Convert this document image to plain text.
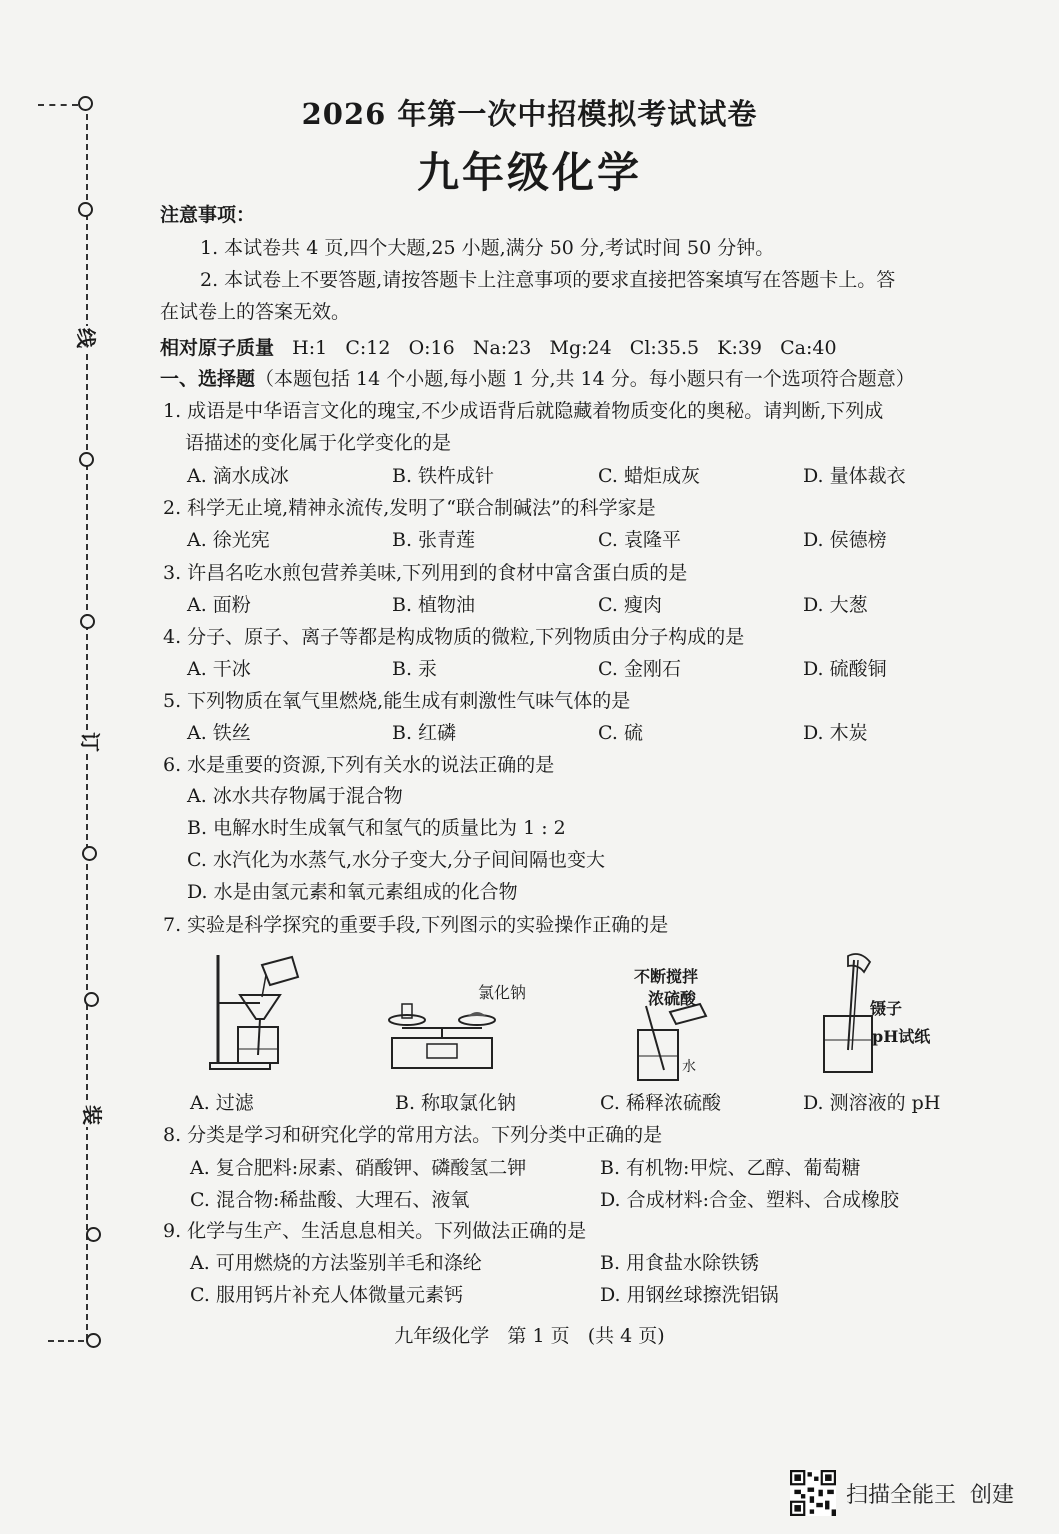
线
订
装
2026 年第一次中招模拟考试试卷
九年级化学
注意事项：
1. 本试卷共 4 页,四个大题,25 小题,满分 50 分,考试时间 50 分钟。
2. 本试卷上不要答题,请按答题卡上注意事项的要求直接把答案填写在答题卡上。答
在试卷上的答案无效。
相对原子质量 H:1   C:12   O:16   Na:23   Mg:24   Cl:35.5   K:39   Ca:40
一、选择题（本题包括 14 个小题,每小题 1 分,共 14 分。每小题只有一个选项符合题意）
1. 成语是中华语言文化的瑰宝,不少成语背后就隐藏着物质变化的奥秘。请判断,下列成
语描述的变化属于化学变化的是
A. 滴水成冰	B. 铁杵成针	C. 蜡炬成灰	D. 量体裁衣
2. 科学无止境,精神永流传,发明了“联合制碱法”的科学家是
A. 徐光宪	B. 张青莲	C. 袁隆平	D. 侯德榜
3. 许昌名吃水煎包营养美味,下列用到的食材中富含蛋白质的是
A. 面粉	B. 植物油	C. 瘦肉	D. 大葱
4. 分子、原子、离子等都是构成物质的微粒,下列物质由分子构成的是
A. 干冰	B. 汞	C. 金刚石	D. 硫酸铜
5. 下列物质在氧气里燃烧,能生成有刺激性气味气体的是
A. 铁丝	B. 红磷	C. 硫	D. 木炭
6. 水是重要的资源,下列有关水的说法正确的是
A. 冰水共存物属于混合物
B. 电解水时生成氧气和氢气的质量比为 1 : 2
C. 水汽化为水蒸气,水分子变大,分子间间隔也变大
D. 水是由氢元素和氧元素组成的化合物
7. 实验是科学探究的重要手段,下列图示的实验操作正确的是
氯化钠
不断搅拌
浓硫酸
水
镊子
pH试纸
A. 过滤	B. 称取氯化钠	C. 稀释浓硫酸	D. 测溶液的 pH
8. 分类是学习和研究化学的常用方法。下列分类中正确的是
A. 复合肥料:尿素、硝酸钾、磷酸氢二钾	B. 有机物:甲烷、乙醇、葡萄糖
C. 混合物:稀盐酸、大理石、液氧	D. 合成材料:合金、塑料、合成橡胶
9. 化学与生产、生活息息相关。下列做法正确的是
A. 可用燃烧的方法鉴别羊毛和涤纶	B. 用食盐水除铁锈
C. 服用钙片补充人体微量元素钙	D. 用钢丝球擦洗铝锅
九年级化学   第 1 页   (共 4 页)
扫描全能王  创建
